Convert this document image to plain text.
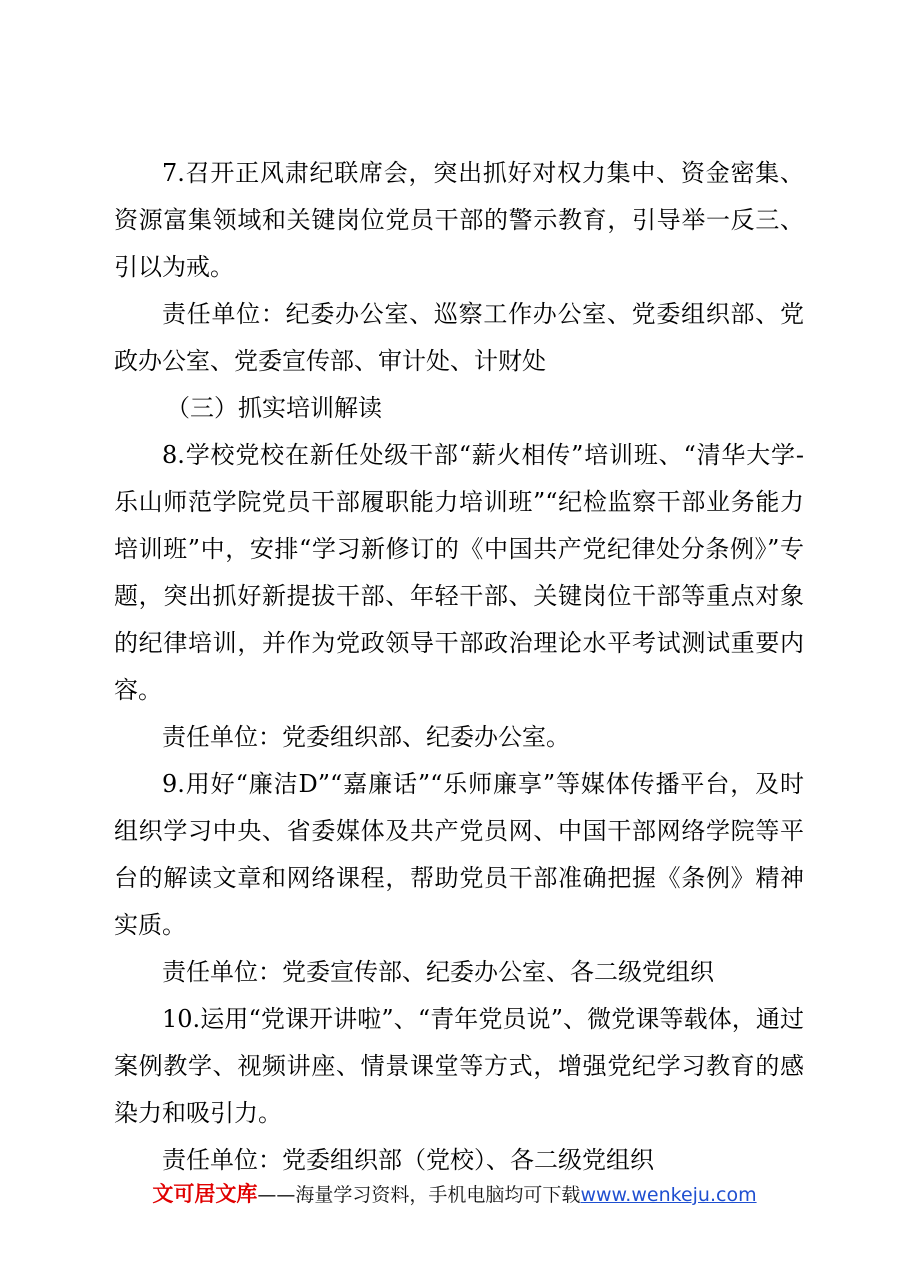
7.召开正风肃纪联席会，突出抓好对权力集中、资金密集、资源富集领域和关键岗位党员干部的警示教育，引导举一反三、引以为戒。

责任单位：纪委办公室、巡察工作办公室、党委组织部、党政办公室、党委宣传部、审计处、计财处

（三）抓实培训解读

8.学校党校在新任处级干部“薪火相传”培训班、“清华大学-乐山师范学院党员干部履职能力培训班”“纪检监察干部业务能力培训班”中，安排“学习新修订的《中国共产党纪律处分条例》”专题，突出抓好新提拔干部、年轻干部、关键岗位干部等重点对象的纪律培训，并作为党政领导干部政治理论水平考试测试重要内容。

责任单位：党委组织部、纪委办公室。

9.用好“廉洁D”“嘉廉话”“乐师廉享”等媒体传播平台，及时组织学习中央、省委媒体及共产党员网、中国干部网络学院等平台的解读文章和网络课程，帮助党员干部准确把握《条例》精神实质。

责任单位：党委宣传部、纪委办公室、各二级党组织

10.运用“党课开讲啦”、“青年党员说”、微党课等载体，通过案例教学、视频讲座、情景课堂等方式，增强党纪学习教育的感染力和吸引力。

责任单位：党委组织部（党校）、各二级党组织

文可居文库——海量学习资料，手机电脑均可下载www.wenkeju.com
